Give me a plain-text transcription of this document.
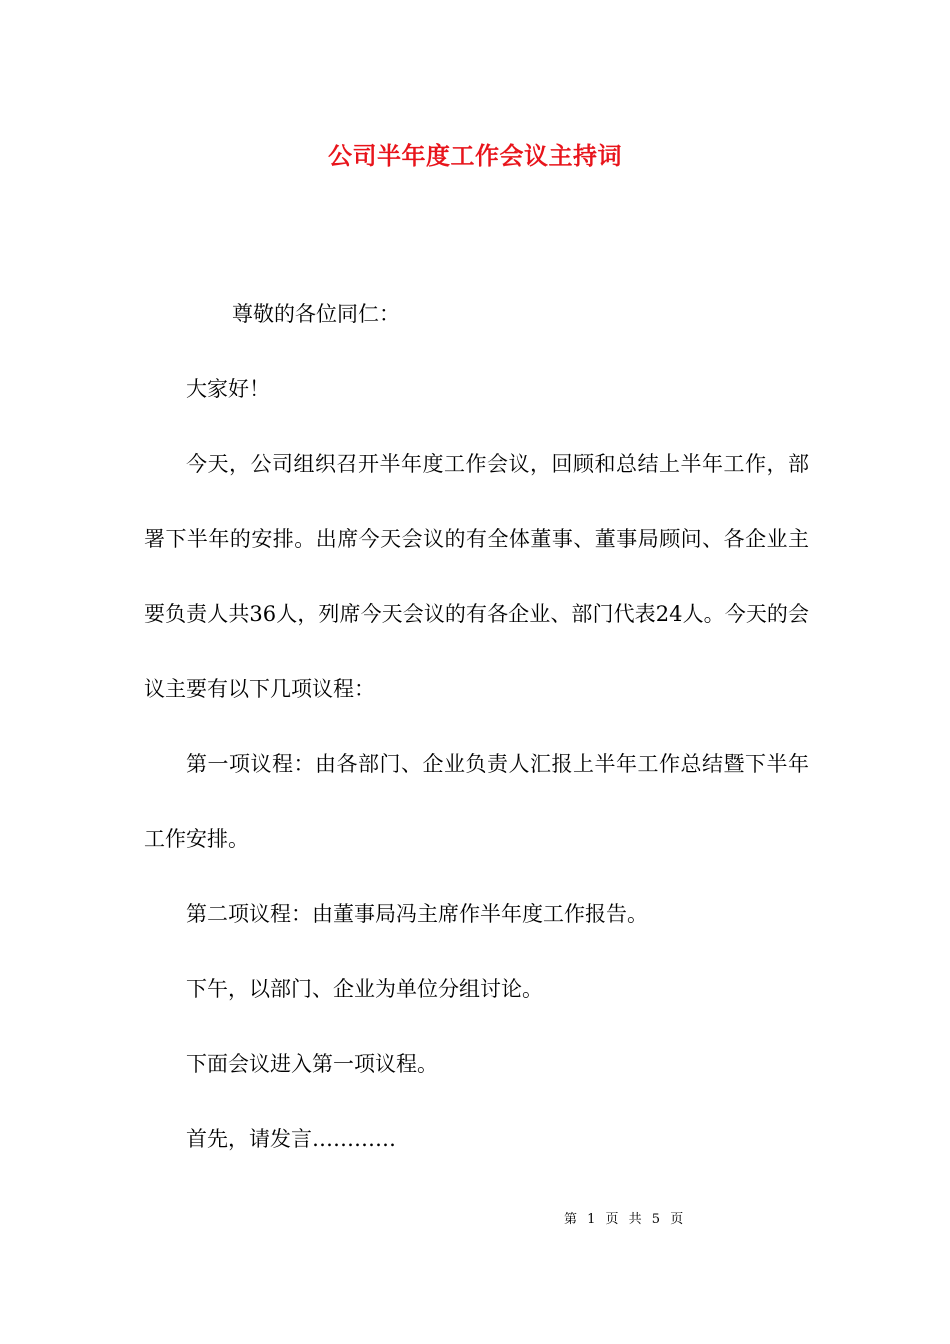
公司半年度工作会议主持词

尊敬的各位同仁：

大家好！

今天，公司组织召开半年度工作会议，回顾和总结上半年工作，部署下半年的安排。出席今天会议的有全体董事、董事局顾问、各企业主要负责人共36人，列席今天会议的有各企业、部门代表24人。今天的会议主要有以下几项议程：

第一项议程：由各部门、企业负责人汇报上半年工作总结暨下半年工作安排。

第二项议程：由董事局冯主席作半年度工作报告。

下午，以部门、企业为单位分组讨论。

下面会议进入第一项议程。

首先，请发言…………

第 1 页 共 5 页
